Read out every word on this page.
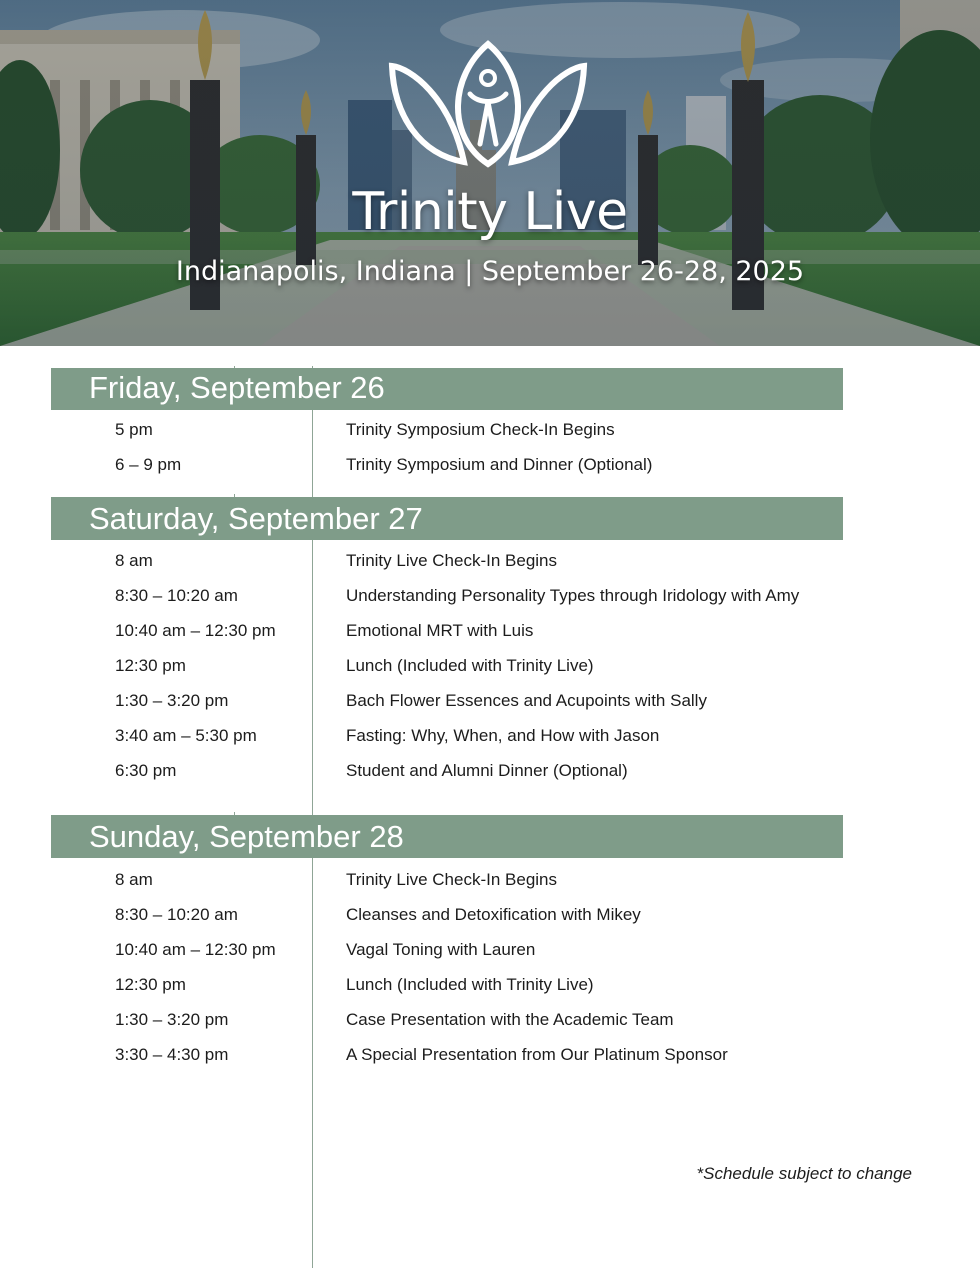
Trinity Live
Indianapolis, Indiana | September 26-28, 2025
Friday, September 26
5 pm	Trinity Symposium Check-In Begins
6 – 9 pm	Trinity Symposium and Dinner (Optional)
Saturday, September 27
8 am	Trinity Live Check-In Begins
8:30 – 10:20 am	Understanding Personality Types through Iridology with Amy
10:40 am – 12:30 pm	Emotional MRT with Luis
12:30 pm	Lunch (Included with Trinity Live)
1:30 – 3:20 pm	Bach Flower Essences and Acupoints with Sally
3:40 am – 5:30 pm	Fasting: Why, When, and How with Jason
6:30 pm	Student and Alumni Dinner (Optional)
Sunday, September 28
8 am	Trinity Live Check-In Begins
8:30 – 10:20 am	Cleanses and Detoxification with Mikey
10:40 am – 12:30 pm	Vagal Toning with Lauren
12:30 pm	Lunch (Included with Trinity Live)
1:30 – 3:20 pm	Case Presentation with the Academic Team
3:30 – 4:30 pm	A Special Presentation from Our Platinum Sponsor
*Schedule subject to change
